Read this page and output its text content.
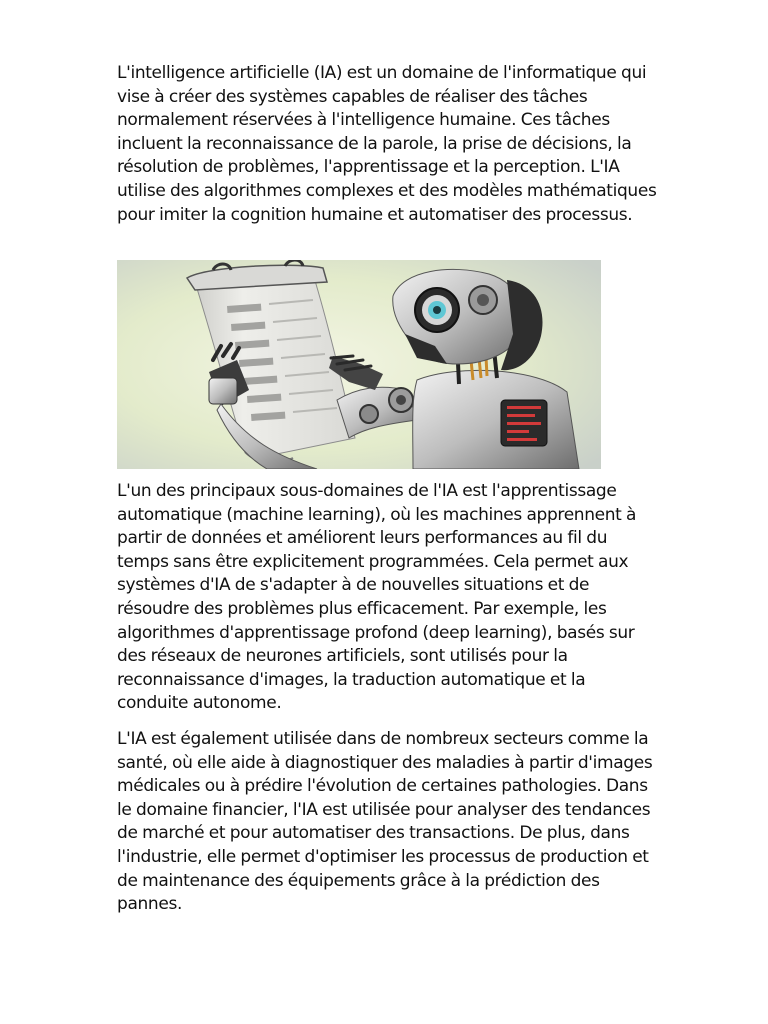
L'intelligence artificielle (IA) est un domaine de l'informatique qui vise à créer des systèmes capables de réaliser des tâches normalement réservées à l'intelligence humaine. Ces tâches incluent la reconnaissance de la parole, la prise de décisions, la résolution de problèmes, l'apprentissage et la perception. L'IA utilise des algorithmes complexes et des modèles mathématiques pour imiter la cognition humaine et automatiser des processus.

L'un des principaux sous-domaines de l'IA est l'apprentissage automatique (machine learning), où les machines apprennent à partir de données et améliorent leurs performances au fil du temps sans être explicitement programmées. Cela permet aux systèmes d'IA de s'adapter à de nouvelles situations et de résoudre des problèmes plus efficacement. Par exemple, les algorithmes d'apprentissage profond (deep learning), basés sur des réseaux de neurones artificiels, sont utilisés pour la reconnaissance d'images, la traduction automatique et la conduite autonome.

L'IA est également utilisée dans de nombreux secteurs comme la santé, où elle aide à diagnostiquer des maladies à partir d'images médicales ou à prédire l'évolution de certaines pathologies. Dans le domaine financier, l'IA est utilisée pour analyser des tendances de marché et pour automatiser des transactions. De plus, dans l'industrie, elle permet d'optimiser les processus de production et de maintenance des équipements grâce à la prédiction des pannes.
